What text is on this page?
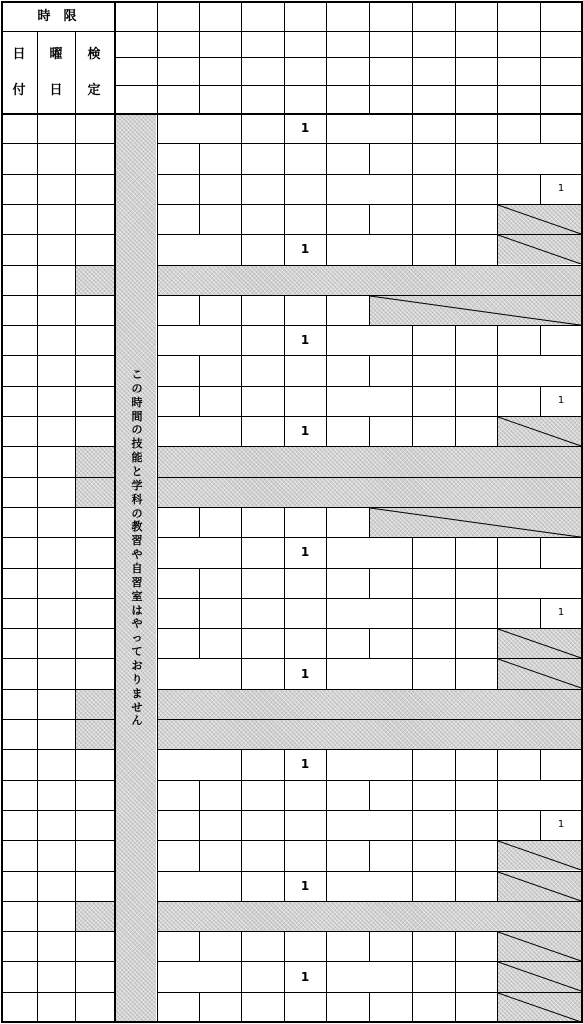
時　限
日
付
曜
日
検
定
こ
の
時
間
の
技
能
と
学
科
の
教
習
や
自
習
室
は
や
っ
て
お
り
ま
せ
ん
1
1
1
1
1
1
1
1
1
1
1
1
1
